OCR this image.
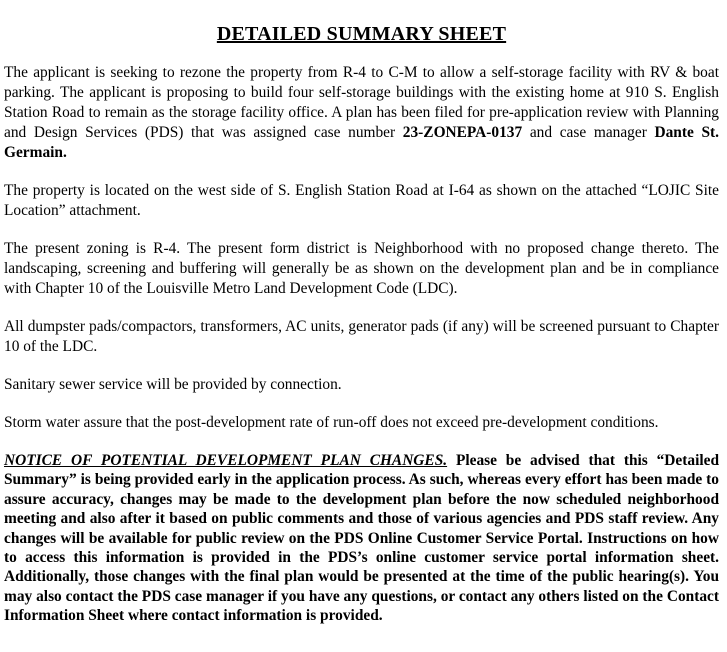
DETAILED SUMMARY SHEET

The applicant is seeking to rezone the property from R-4 to C-M to allow a self-storage facility with RV & boat parking. The applicant is proposing to build four self-storage buildings with the existing home at 910 S. English Station Road to remain as the storage facility office. A plan has been filed for pre-application review with Planning and Design Services (PDS) that was assigned case number 23-ZONEPA-0137 and case manager Dante St. Germain.

The property is located on the west side of S. English Station Road at I-64 as shown on the attached “LOJIC Site Location” attachment.

The present zoning is R-4. The present form district is Neighborhood with no proposed change thereto. The landscaping, screening and buffering will generally be as shown on the development plan and be in compliance with Chapter 10 of the Louisville Metro Land Development Code (LDC).

All dumpster pads/compactors, transformers, AC units, generator pads (if any) will be screened pursuant to Chapter 10 of the LDC.

Sanitary sewer service will be provided by connection.

Storm water assure that the post-development rate of run-off does not exceed pre-development conditions.

NOTICE OF POTENTIAL DEVELOPMENT PLAN CHANGES. Please be advised that this “Detailed Summary” is being provided early in the application process. As such, whereas every effort has been made to assure accuracy, changes may be made to the development plan before the now scheduled neighborhood meeting and also after it based on public comments and those of various agencies and PDS staff review. Any changes will be available for public review on the PDS Online Customer Service Portal. Instructions on how to access this information is provided in the PDS’s online customer service portal information sheet. Additionally, those changes with the final plan would be presented at the time of the public hearing(s). You may also contact the PDS case manager if you have any questions, or contact any others listed on the Contact Information Sheet where contact information is provided.
